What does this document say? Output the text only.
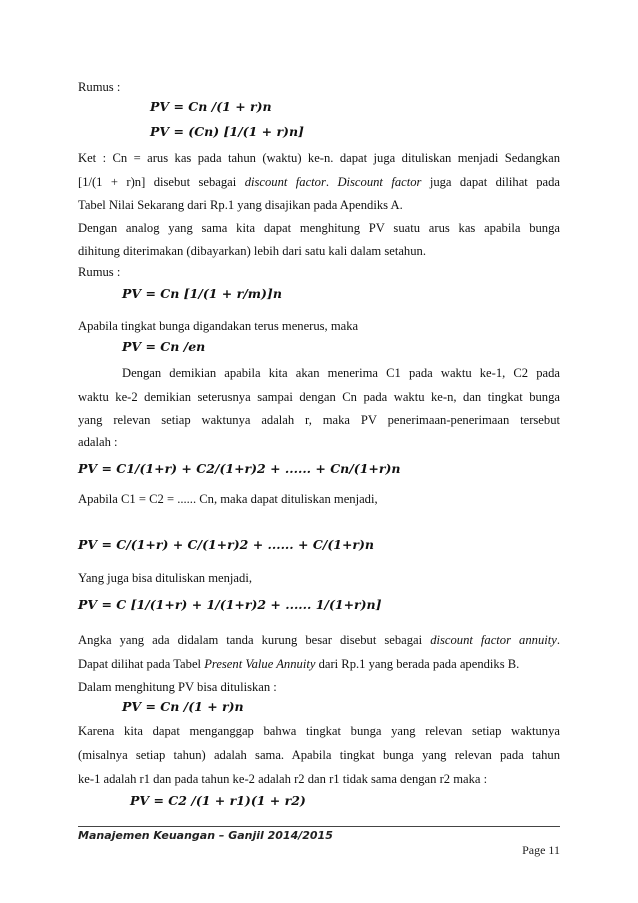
Rumus :
PV = Cn /(1 + r)n
PV = (Cn) [1/(1 + r)n]
Ket : Cn = arus kas pada tahun (waktu) ke-n. dapat juga dituliskan menjadi Sedangkan
[1/(1 + r)n] disebut sebagai discount factor. Discount factor juga dapat dilihat pada
Tabel Nilai Sekarang dari Rp.1 yang disajikan pada Apendiks A.
Dengan analog yang sama kita dapat menghitung PV suatu arus kas apabila bunga
dihitung diterimakan (dibayarkan) lebih dari satu kali dalam setahun.
Rumus :
PV = Cn [1/(1 + r/m)]n
Apabila tingkat bunga digandakan terus menerus, maka
PV = Cn /en
Dengan demikian apabila kita akan menerima C1 pada waktu ke-1, C2 pada
waktu ke-2 demikian seterusnya sampai dengan Cn pada waktu ke-n, dan tingkat bunga
yang relevan setiap waktunya adalah r, maka PV penerimaan-penerimaan tersebut
adalah :
PV = C1/(1+r) + C2/(1+r)2 + ...... + Cn/(1+r)n
Apabila C1 = C2 = ...... Cn, maka dapat dituliskan menjadi,
PV = C/(1+r) + C/(1+r)2 + ...... + C/(1+r)n
Yang juga bisa dituliskan menjadi,
PV = C [1/(1+r) + 1/(1+r)2 + ...... 1/(1+r)n]
Angka yang ada didalam tanda kurung besar disebut sebagai discount factor annuity.
Dapat dilihat pada Tabel Present Value Annuity dari Rp.1 yang berada pada apendiks B.
Dalam menghitung PV bisa dituliskan :
PV = Cn /(1 + r)n
Karena kita dapat menganggap bahwa tingkat bunga yang relevan setiap waktunya
(misalnya setiap tahun) adalah sama. Apabila tingkat bunga yang relevan pada tahun
ke-1 adalah r1 dan pada tahun ke-2 adalah r2 dan r1 tidak sama dengan r2 maka :
PV = C2 /(1 + r1)(1 + r2)
Manajemen Keuangan – Ganjil 2014/2015
Page 11
